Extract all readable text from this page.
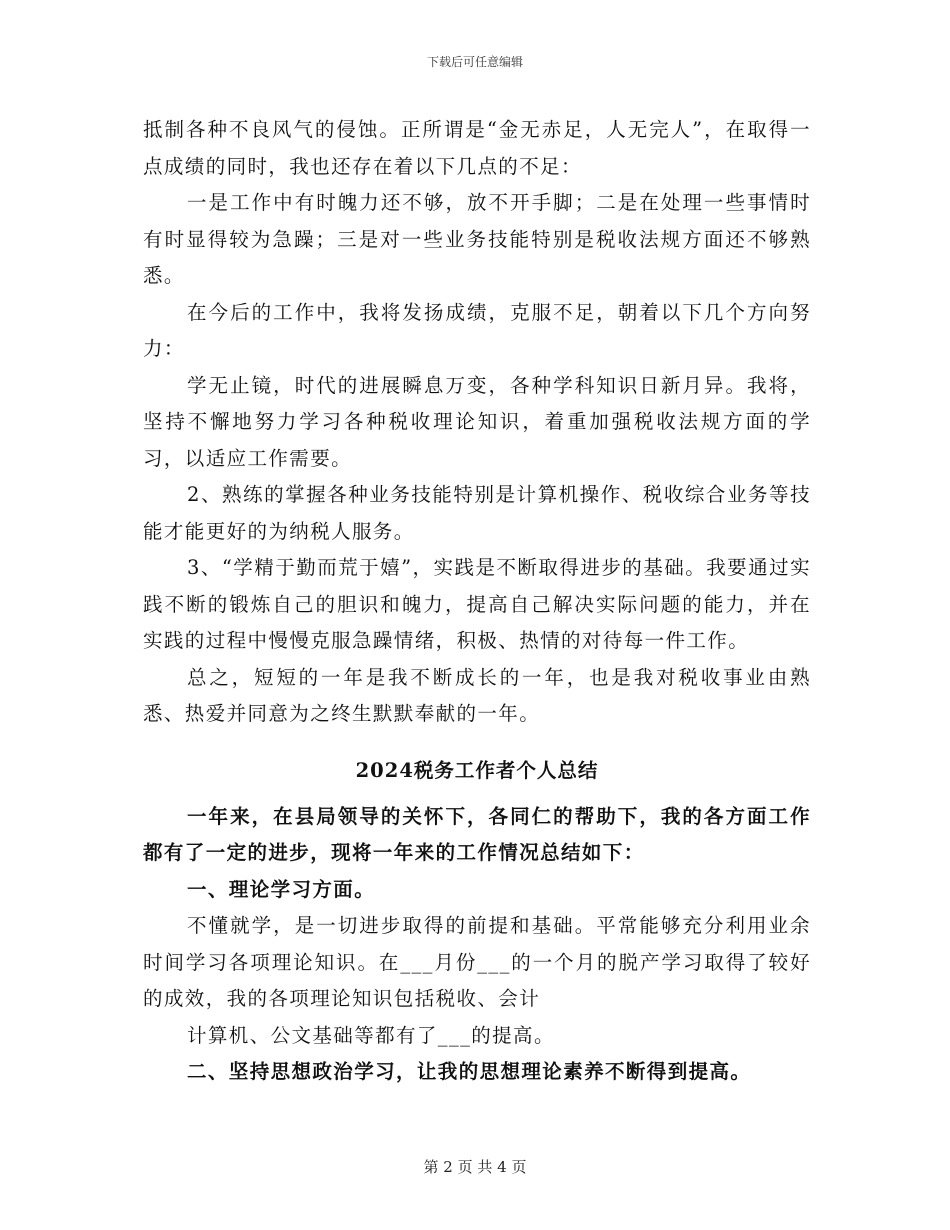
下载后可任意编辑

抵制各种不良风气的侵蚀。正所谓是“金无赤足，人无完人”，在取得一点成绩的同时，我也还存在着以下几点的不足：

一是工作中有时魄力还不够，放不开手脚；二是在处理一些事情时有时显得较为急躁；三是对一些业务技能特别是税收法规方面还不够熟悉。

在今后的工作中，我将发扬成绩，克服不足，朝着以下几个方向努力：

学无止镜，时代的进展瞬息万变，各种学科知识日新月异。我将，坚持不懈地努力学习各种税收理论知识，着重加强税收法规方面的学习，以适应工作需要。

2、熟练的掌握各种业务技能特别是计算机操作、税收综合业务等技能才能更好的为纳税人服务。

3、“学精于勤而荒于嬉”，实践是不断取得进步的基础。我要通过实践不断的锻炼自己的胆识和魄力，提高自己解决实际问题的能力，并在实践的过程中慢慢克服急躁情绪，积极、热情的对待每一件工作。

总之，短短的一年是我不断成长的一年，也是我对税收事业由熟悉、热爱并同意为之终生默默奉献的一年。

2024税务工作者个人总结

一年来，在县局领导的关怀下，各同仁的帮助下，我的各方面工作都有了一定的进步，现将一年来的工作情况总结如下：

一、理论学习方面。

不懂就学，是一切进步取得的前提和基础。平常能够充分利用业余时间学习各项理论知识。在___月份___的一个月的脱产学习取得了较好的成效，我的各项理论知识包括税收、会计

计算机、公文基础等都有了___的提高。

二、坚持思想政治学习，让我的思想理论素养不断得到提高。

第 2 页 共 4 页
